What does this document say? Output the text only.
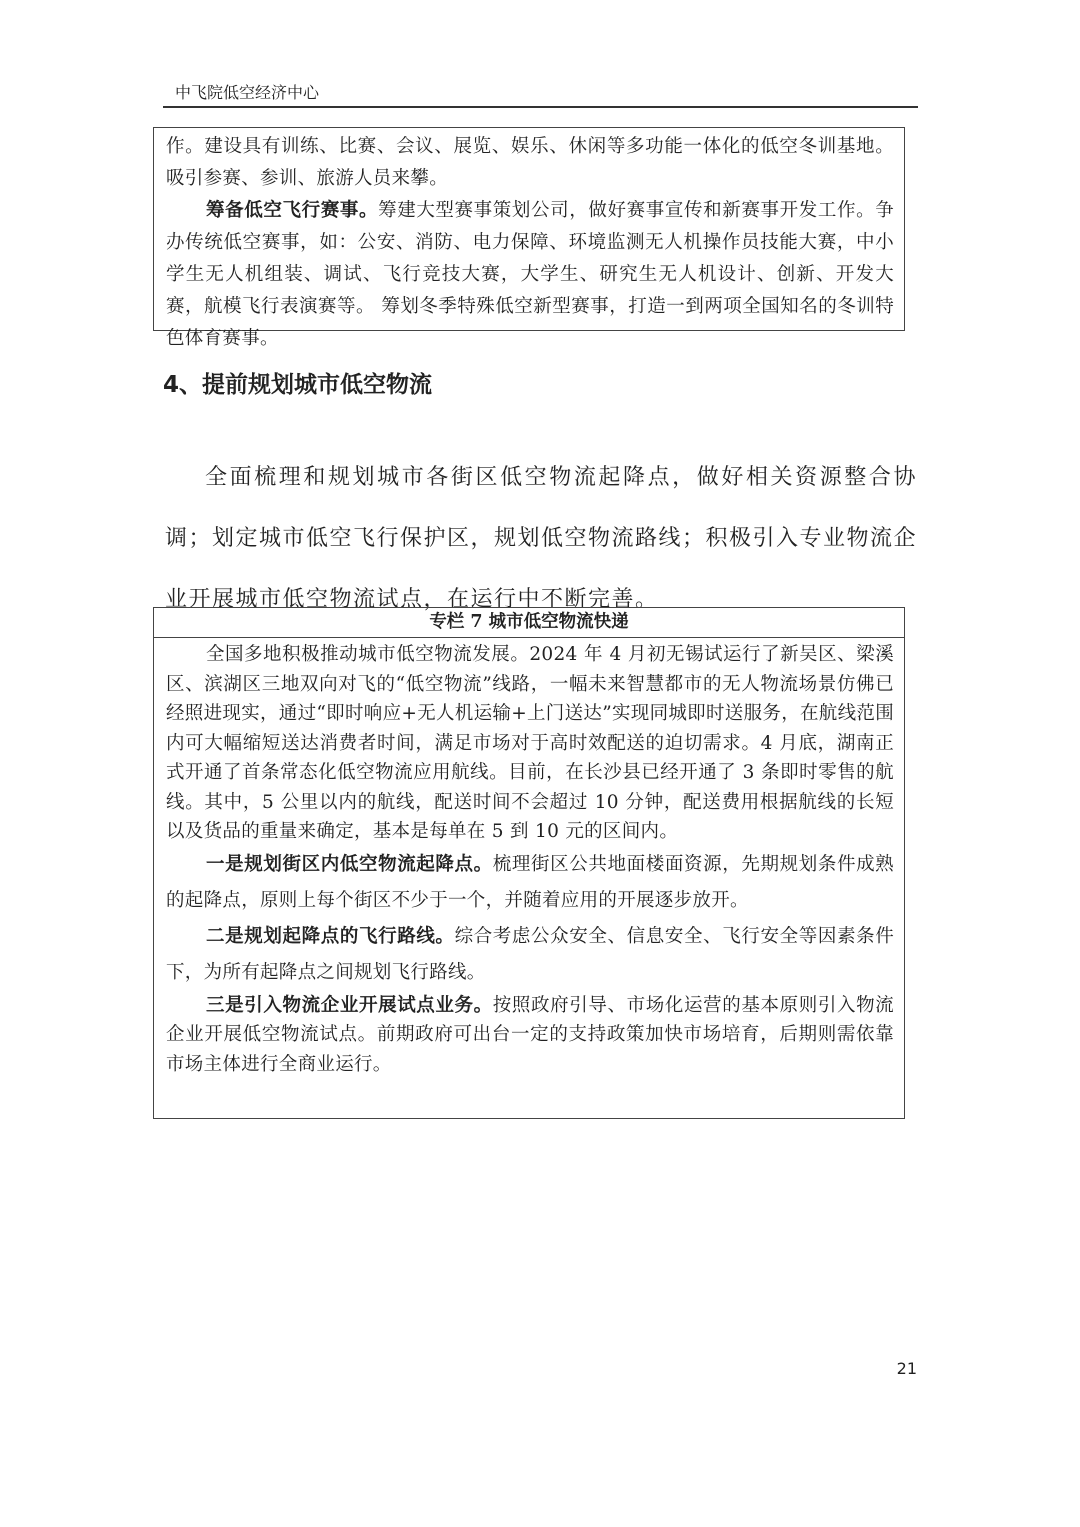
中飞院低空经济中心

作。建设具有训练、比赛、会议、展览、娱乐、休闲等多功能一体化的低空冬训基地。吸引参赛、参训、旅游人员来攀。

筹备低空飞行赛事。筹建大型赛事策划公司，做好赛事宣传和新赛事开发工作。争办传统低空赛事，如：公安、消防、电力保障、环境监测无人机操作员技能大赛，中小学生无人机组装、调试、飞行竞技大赛，大学生、研究生无人机设计、创新、开发大赛，航模飞行表演赛等。 筹划冬季特殊低空新型赛事，打造一到两项全国知名的冬训特色体育赛事。

4、提前规划城市低空物流

全面梳理和规划城市各街区低空物流起降点，做好相关资源整合协调；划定城市低空飞行保护区，规划低空物流路线；积极引入专业物流企业开展城市低空物流试点，在运行中不断完善。

专栏 7 城市低空物流快递

全国多地积极推动城市低空物流发展。2024 年 4 月初无锡试运行了新吴区、梁溪区、滨湖区三地双向对飞的“低空物流”线路，一幅未来智慧都市的无人物流场景仿佛已经照进现实，通过“即时响应+无人机运输+上门送达”实现同城即时送服务，在航线范围内可大幅缩短送达消费者时间，满足市场对于高时效配送的迫切需求。4 月底，湖南正式开通了首条常态化低空物流应用航线。目前，在长沙县已经开通了 3 条即时零售的航线。其中，5 公里以内的航线，配送时间不会超过 10 分钟，配送费用根据航线的长短以及货品的重量来确定，基本是每单在 5 到 10 元的区间内。

一是规划街区内低空物流起降点。梳理街区公共地面楼面资源，先期规划条件成熟的起降点，原则上每个街区不少于一个，并随着应用的开展逐步放开。

二是规划起降点的飞行路线。综合考虑公众安全、信息安全、飞行安全等因素条件下，为所有起降点之间规划飞行路线。

三是引入物流企业开展试点业务。按照政府引导、市场化运营的基本原则引入物流企业开展低空物流试点。前期政府可出台一定的支持政策加快市场培育，后期则需依靠市场主体进行全商业运行。

21
